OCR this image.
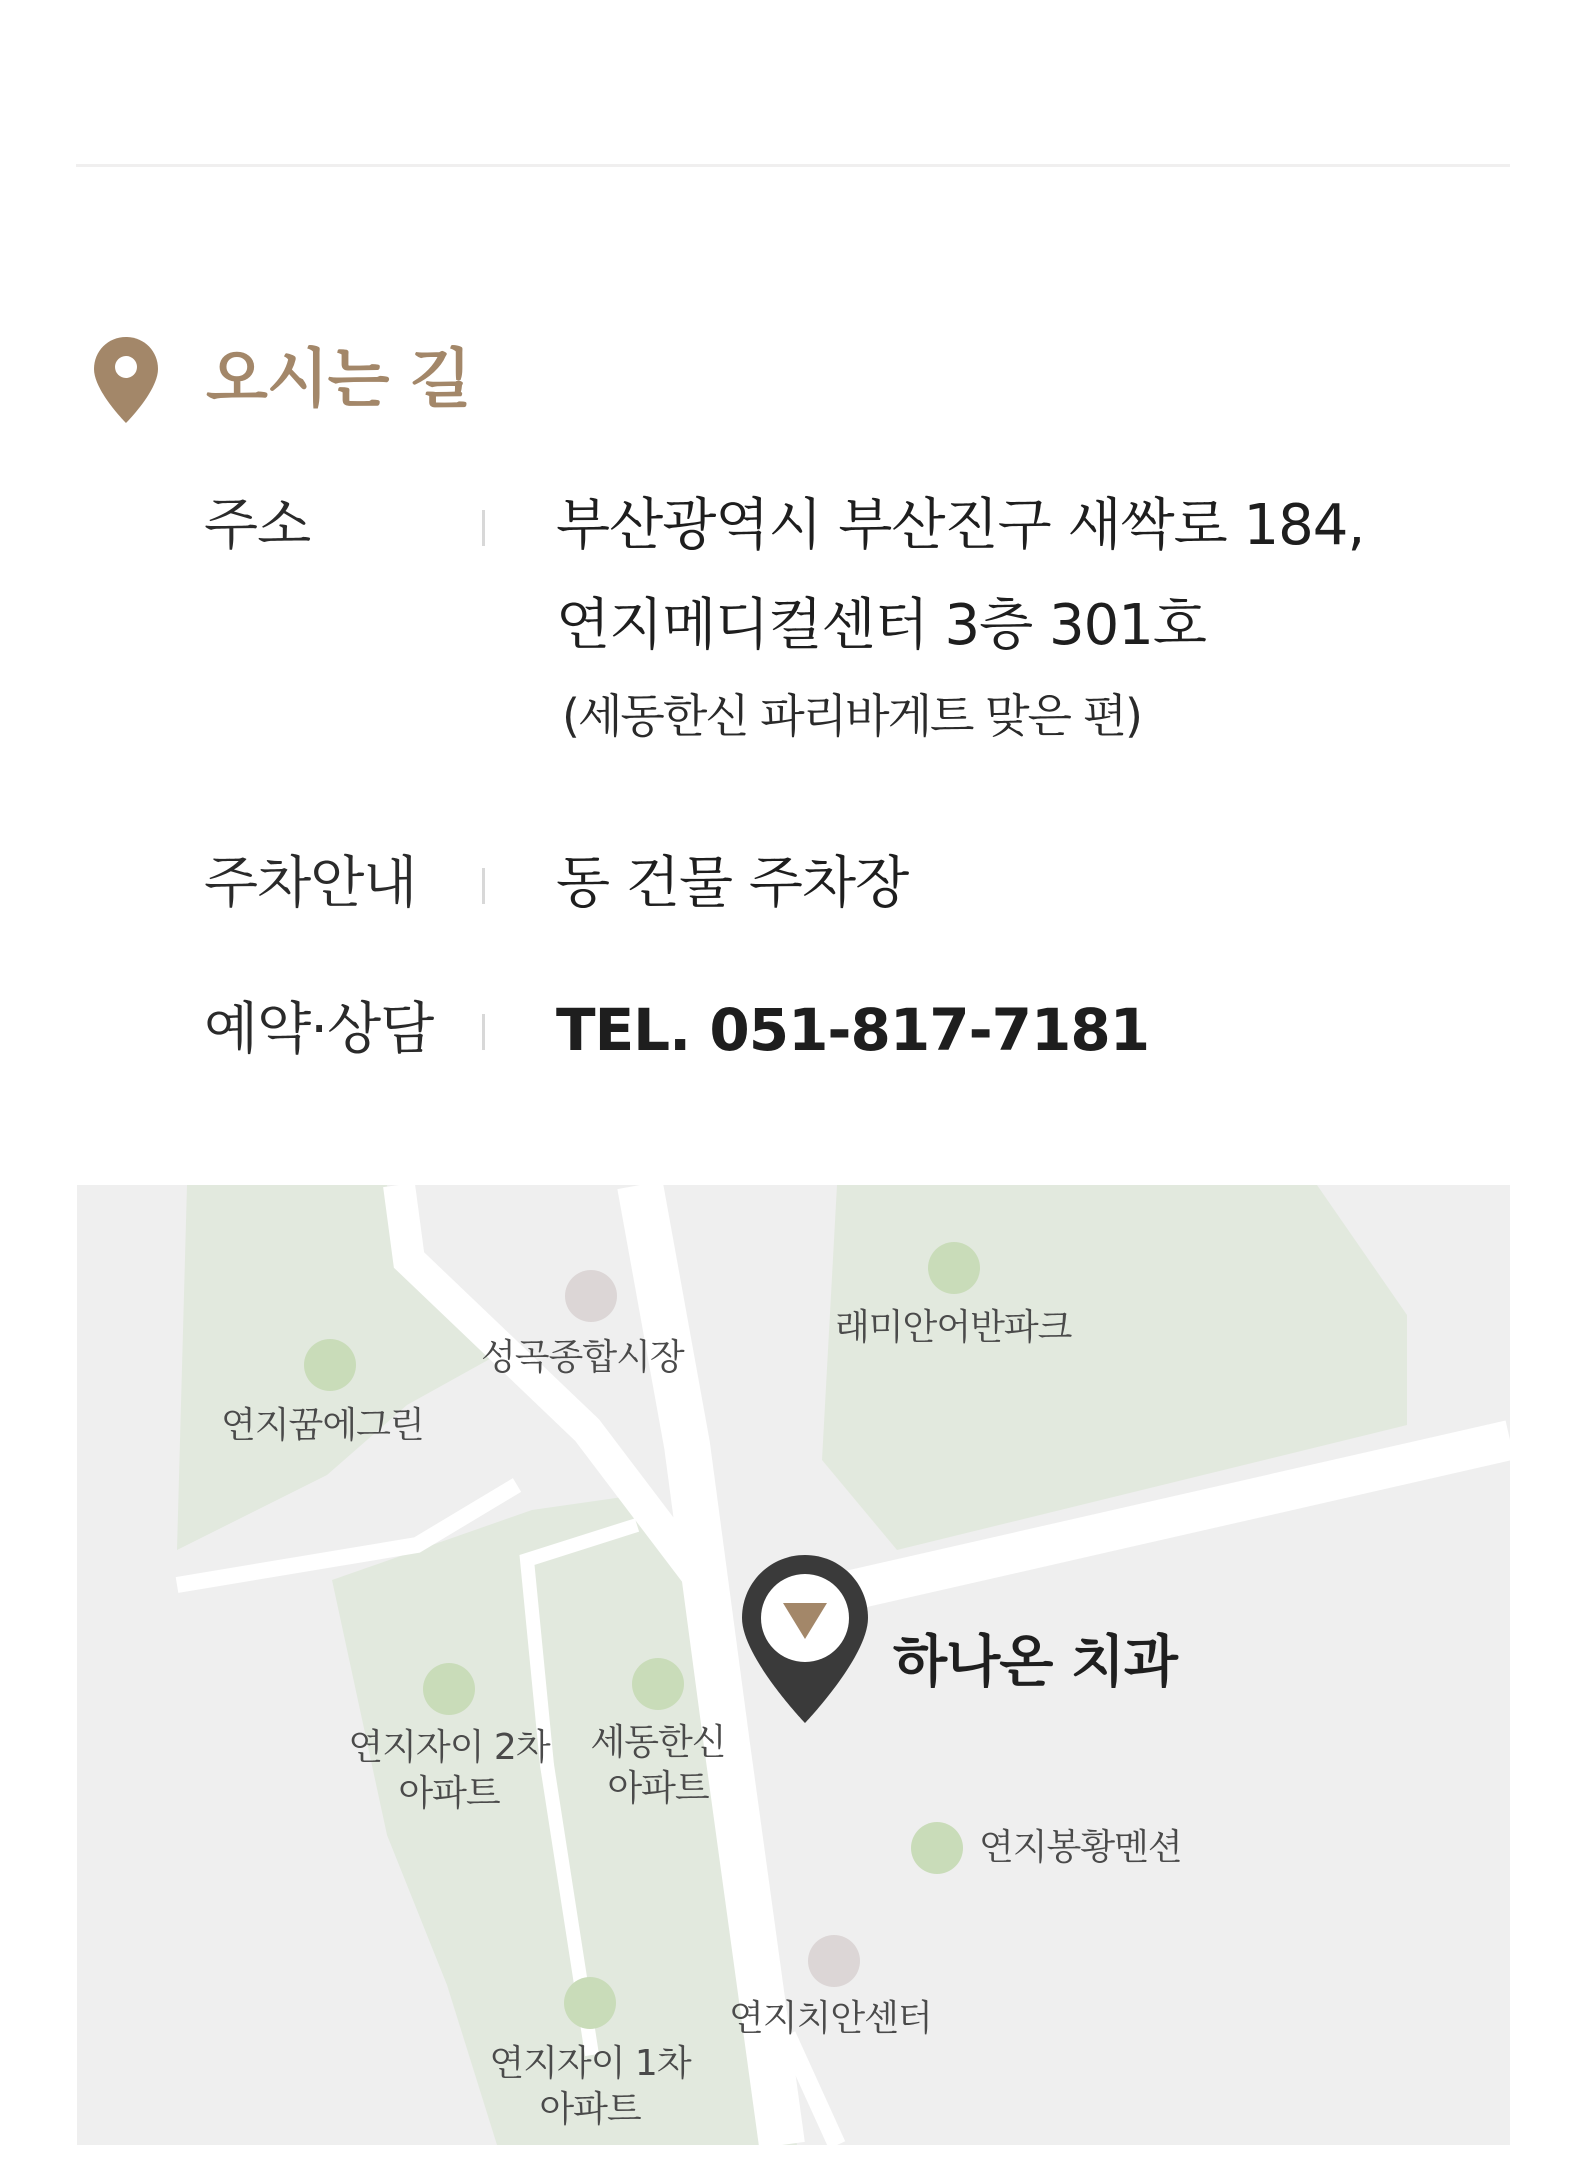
오시는 길
주소	부산광역시 부산진구 새싹로 184,
연지메디컬센터 3층 301호
(세동한신 파리바게트 맞은 편)
주차안내 동 건물 주차장
예약·상담 TEL. 051-817-7181
성곡종합시장
래미안어반파크
연지꿈에그린
연지자이 2차
아파트
세동한신
아파트
연지봉황멘션
연지치안센터
연지자이 1차
아파트
하나온 치과
